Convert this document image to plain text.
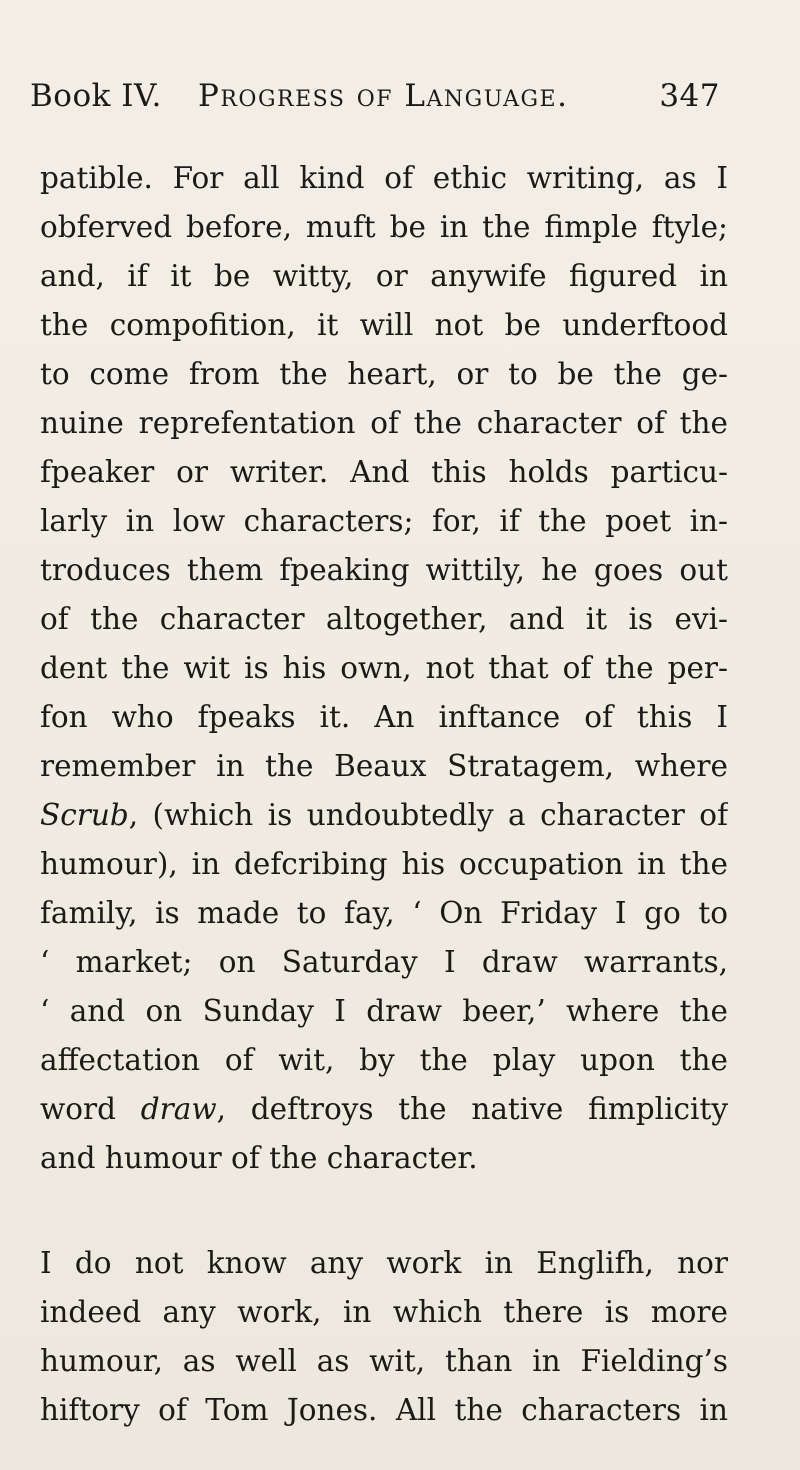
Book IV. Progress of Language.	347
patible. For all kind of ethic writing, as I
obferved before, muft be in the fimple ftyle;
and, if it be witty, or anywife figured in
the compofition, it will not be underftood
to come from the heart, or to be the ge-
nuine reprefentation of the character of the
fpeaker or writer. And this holds particu-
larly in low characters; for, if the poet in-
troduces them fpeaking wittily, he goes out
of the character altogether, and it is evi-
dent the wit is his own, not that of the per-
fon who fpeaks it. An inftance of this I
remember in the Beaux Stratagem, where
Scrub, (which is undoubtedly a character of
humour), in defcribing his occupation in the
family, is made to fay, ‘ On Friday I go to
‘ market; on Saturday I draw warrants,
‘ and on Sunday I draw beer,’ where the
affectation of wit, by the play upon the
word draw, deftroys the native fimplicity
and humour of the character.
I do not know any work in Englifh, nor
indeed any work, in which there is more
humour, as well as wit, than in Fielding’s
hiftory of Tom Jones. All the characters in
